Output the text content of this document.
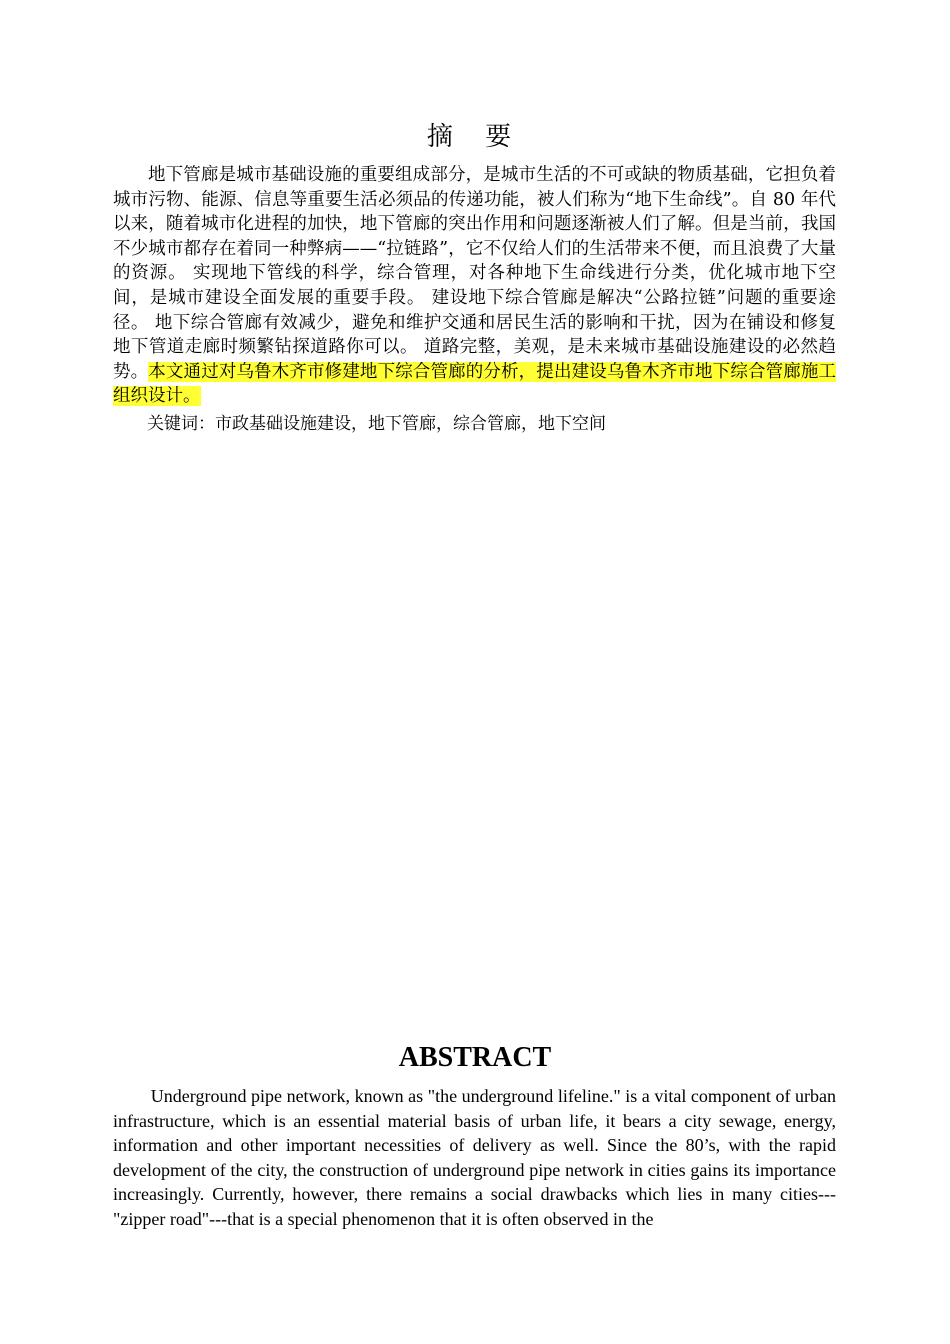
摘 要

地下管廊是城市基础设施的重要组成部分，是城市生活的不可或缺的物质基础，它担负着城市污物、能源、信息等重要生活必须品的传递功能，被人们称为“地下生命线”。自 80 年代以来，随着城市化进程的加快，地下管廊的突出作用和问题逐渐被人们了解。但是当前，我国不少城市都存在着同一种弊病——“拉链路”，它不仅给人们的生活带来不便，而且浪费了大量的资源。 实现地下管线的科学，综合管理，对各种地下生命线进行分类，优化城市地下空间，是城市建设全面发展的重要手段。 建设地下综合管廊是解决“公路拉链”问题的重要途径。 地下综合管廊有效减少，避免和维护交通和居民生活的影响和干扰，因为在铺设和修复地下管道走廊时频繁钻探道路你可以。 道路完整，美观，是未来城市基础设施建设的必然趋势。本文通过对乌鲁木齐市修建地下综合管廊的分析，提出建设乌鲁木齐市地下综合管廊施工组织设计。

关键词：市政基础设施建设，地下管廊，综合管廊，地下空间

ABSTRACT

Underground pipe network, known as "the underground lifeline." is a vital component of urban infrastructure, which is an essential material basis of urban life, it bears a city sewage, energy, information and other important necessities of delivery as well. Since the 80’s, with the rapid development of the city, the construction of underground pipe network in cities gains its importance increasingly. Currently, however, there remains a social drawbacks which lies in many cities---"zipper road"---that is a special phenomenon that it is often observed in the
